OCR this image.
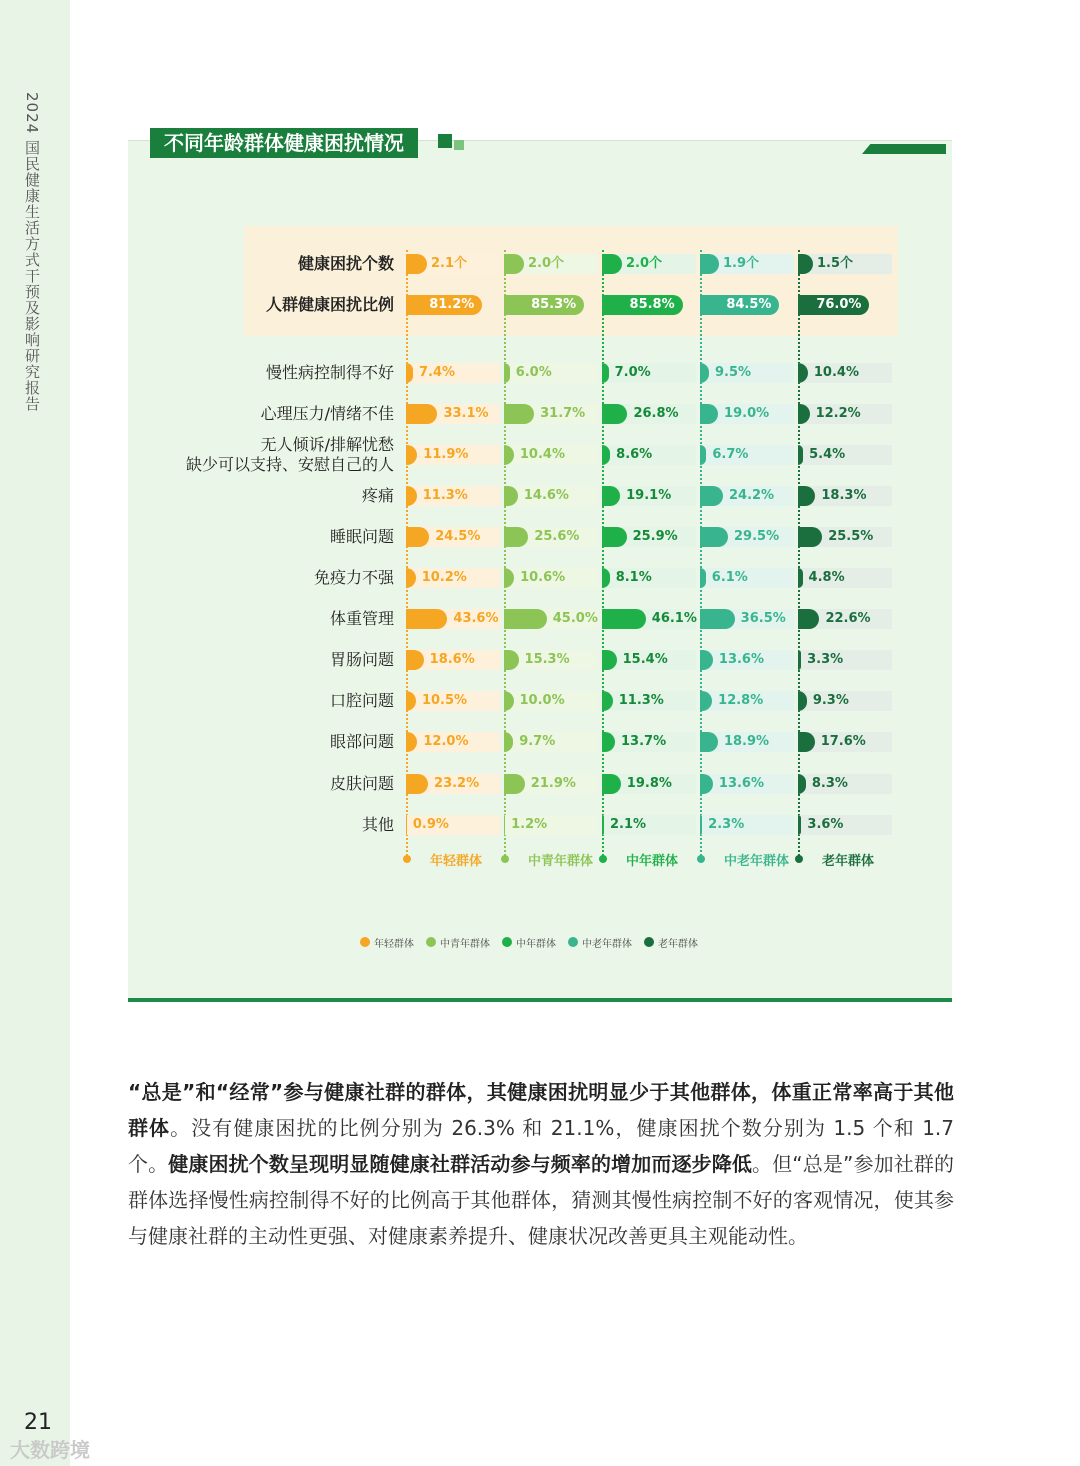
2024 国民健康生活方式干预及影响研究报告
21
大数跨境
不同年龄群体健康困扰情况
健康困扰个数	2.1个	2.0个	2.0个	1.9个	1.5个
人群健康困扰比例	81.2%	85.3%	85.8%	84.5%	76.0%
慢性病控制得不好 7.4%	6.0%	7.0%	9.5%	10.4%
心理压力/情绪不佳	33.1%	31.7%	26.8%	19.0%	12.2%
无人倾诉/排解忧愁
缺少可以支持、安慰自己的人
11.9%	10.4%	8.6%	6.7%	5.4%
疼痛 11.3%	14.6%	19.1%	24.2%	18.3%
睡眠问题	24.5%	25.6%	25.9%	29.5%	25.5%
免疫力不强 10.2%	10.6%	8.1%	6.1%	4.8%
体重管理	43.6%	45.0%	46.1%	36.5%	22.6%
胃肠问题	18.6%	15.3%	15.4%	13.6%	3.3%
口腔问题 10.5%	10.0%	11.3%	12.8%	9.3%
眼部问题 12.0%	9.7%	13.7%	18.9%	17.6%
皮肤问题	23.2%	21.9%	19.8%	13.6%	8.3%
其他 0.9%	1.2%	2.1%	2.3%	3.6%
年轻群体	中青年群体	中年群体	中老年群体	老年群体
年轻群体	中青年群体	中年群体	中老年群体	老年群体

“总是”和“经常”参与健康社群的群体，其健康困扰明显少于其他群体，体重正常率高于其他群体。没有健康困扰的比例分别为 26.3% 和 21.1%，健康困扰个数分别为 1.5 个和 1.7 个。健康困扰个数呈现明显随健康社群活动参与频率的增加而逐步降低。但“总是”参加社群的群体选择慢性病控制得不好的比例高于其他群体，猜测其慢性病控制不好的客观情况，使其参与健康社群的主动性更强、对健康素养提升、健康状况改善更具主观能动性。
